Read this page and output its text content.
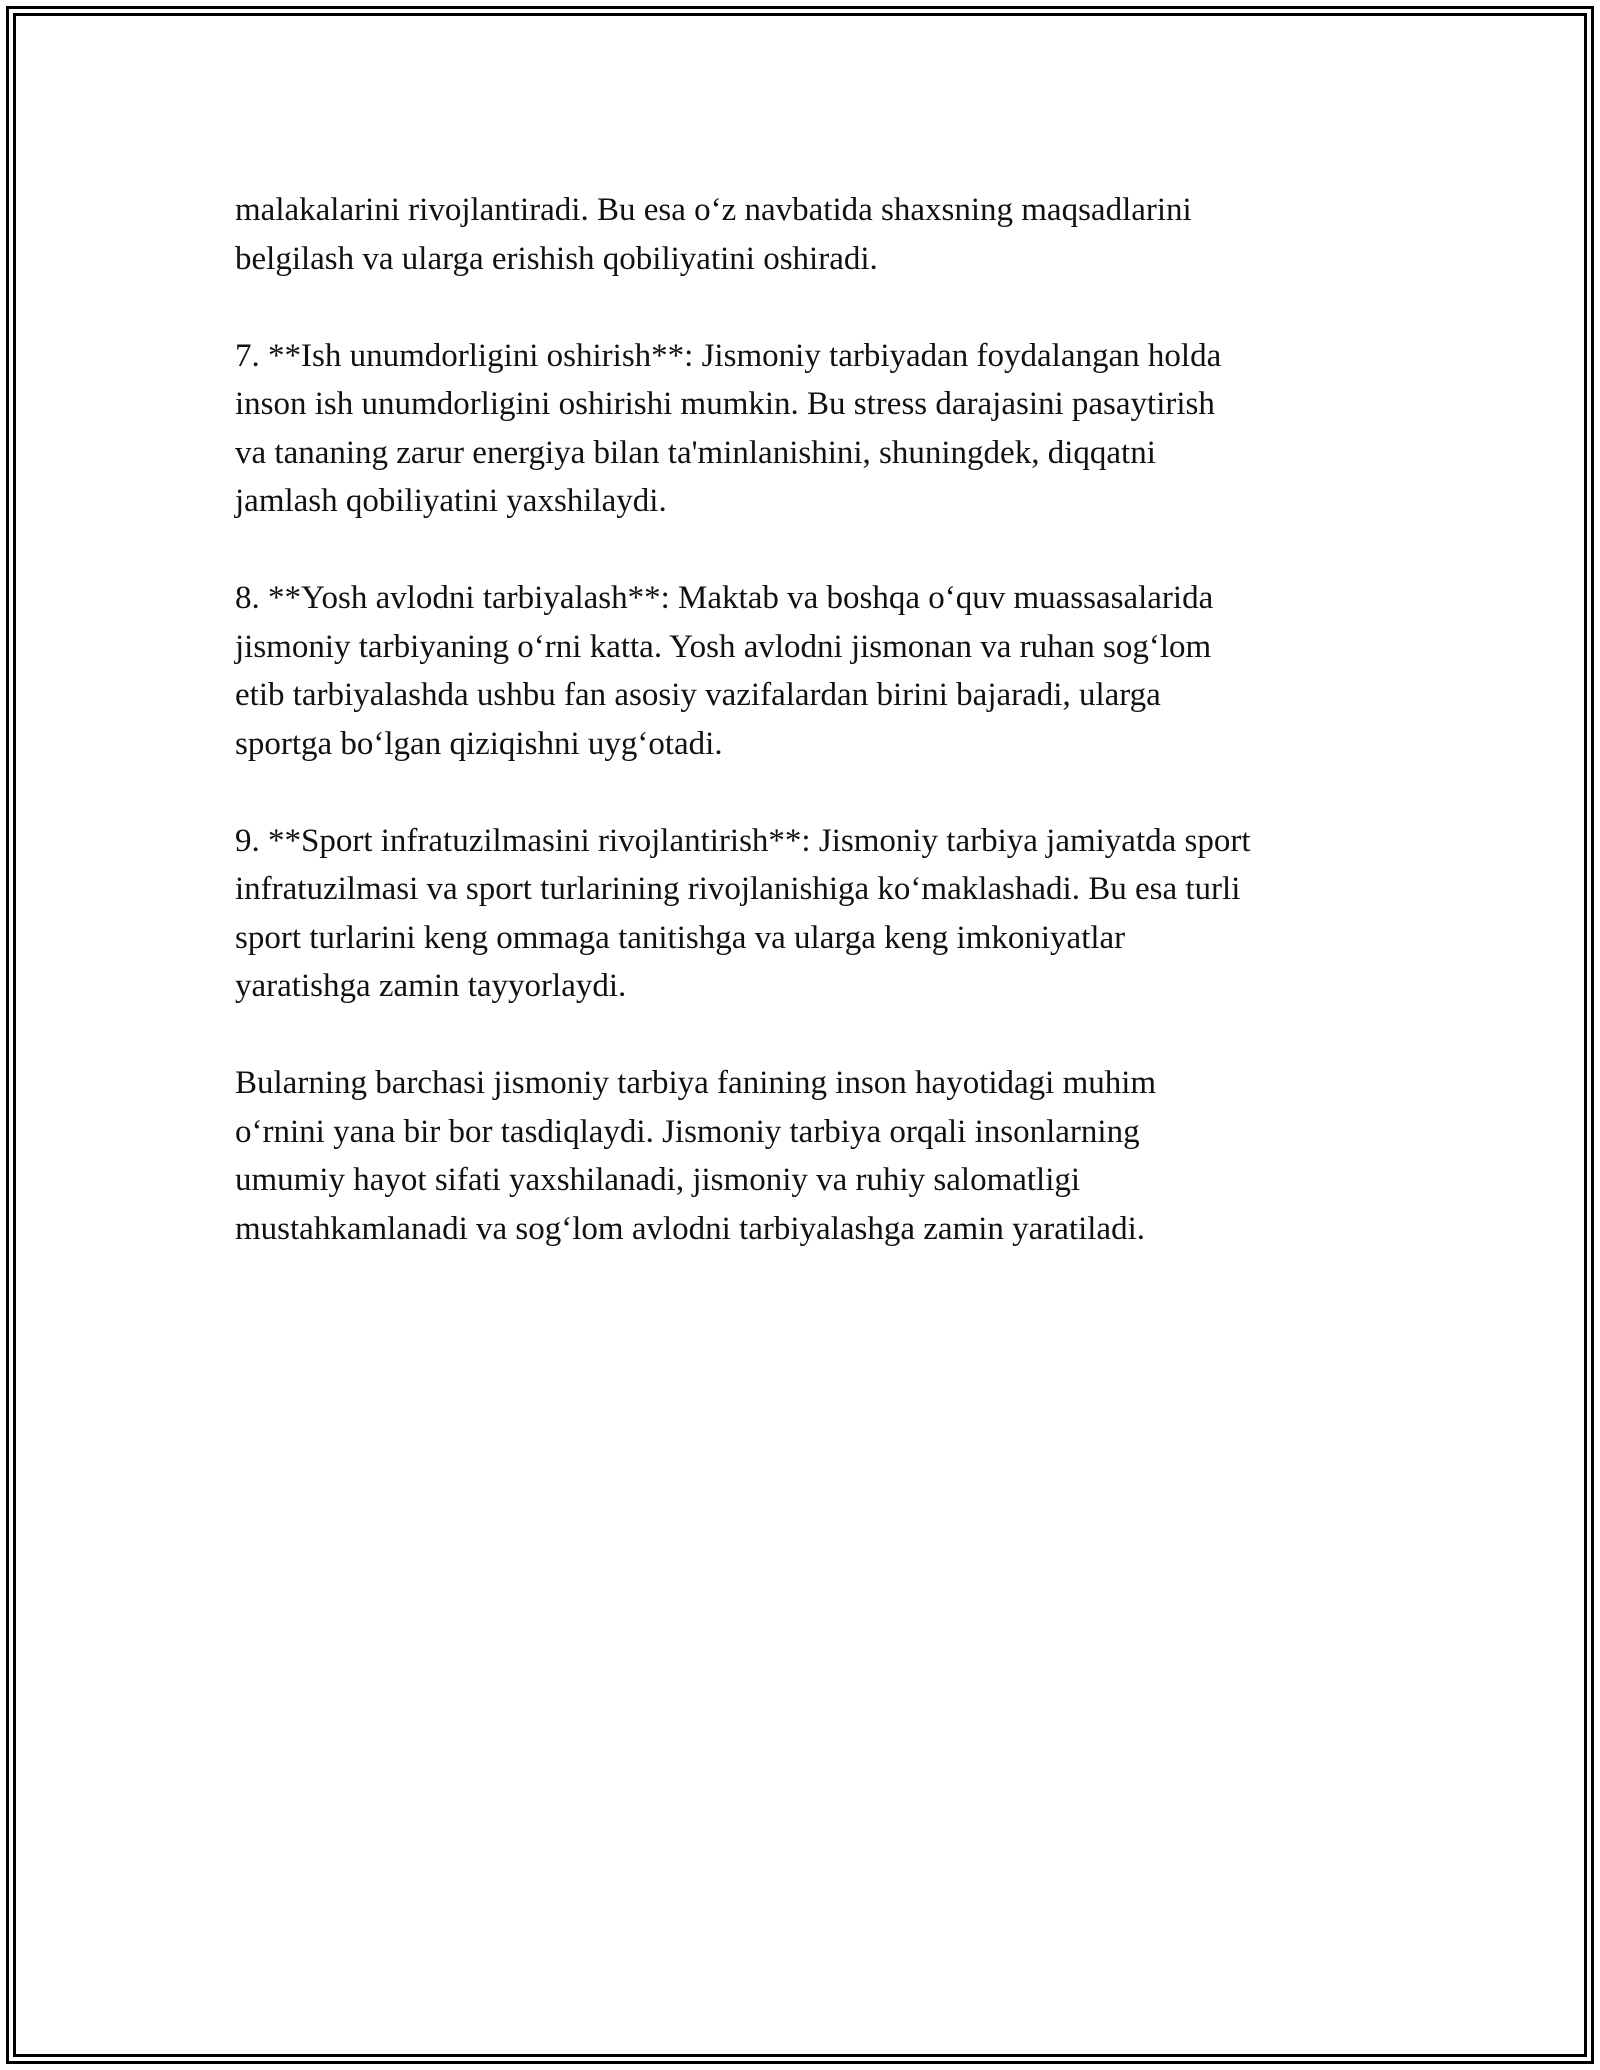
malakalarini rivojlantiradi. Bu esa o‘z navbatida shaxsning maqsadlarini
belgilash va ularga erishish qobiliyatini oshiradi.

7. **Ish unumdorligini oshirish**: Jismoniy tarbiyadan foydalangan holda
inson ish unumdorligini oshirishi mumkin. Bu stress darajasini pasaytirish
va tananing zarur energiya bilan ta'minlanishini, shuningdek, diqqatni
jamlash qobiliyatini yaxshilaydi.

8. **Yosh avlodni tarbiyalash**: Maktab va boshqa o‘quv muassasalarida
jismoniy tarbiyaning o‘rni katta. Yosh avlodni jismonan va ruhan sog‘lom
etib tarbiyalashda ushbu fan asosiy vazifalardan birini bajaradi, ularga
sportga bo‘lgan qiziqishni uyg‘otadi.

9. **Sport infratuzilmasini rivojlantirish**: Jismoniy tarbiya jamiyatda sport
infratuzilmasi va sport turlarining rivojlanishiga ko‘maklashadi. Bu esa turli
sport turlarini keng ommaga tanitishga va ularga keng imkoniyatlar
yaratishga zamin tayyorlaydi.

Bularning barchasi jismoniy tarbiya fanining inson hayotidagi muhim
o‘rnini yana bir bor tasdiqlaydi. Jismoniy tarbiya orqali insonlarning
umumiy hayot sifati yaxshilanadi, jismoniy va ruhiy salomatligi
mustahkamlanadi va sog‘lom avlodni tarbiyalashga zamin yaratiladi.
